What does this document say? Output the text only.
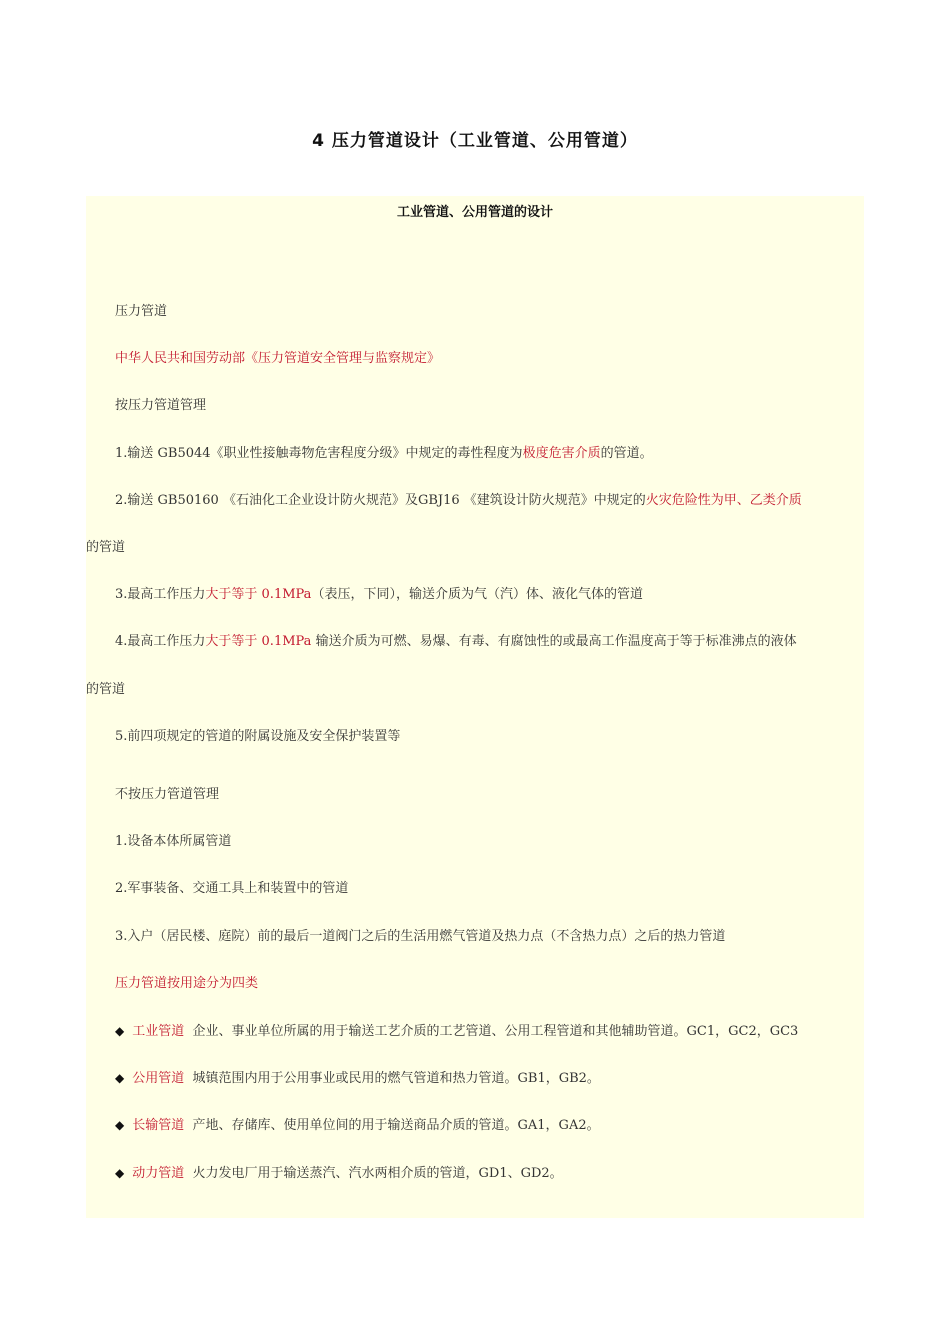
4 压力管道设计（工业管道、公用管道）
工业管道、公用管道的设计
压力管道
中华人民共和国劳动部《压力管道安全管理与监察规定》
按压力管道管理
1.输送 GB5044《职业性接触毒物危害程度分级》中规定的毒性程度为极度危害介质的管道。
2.输送 GB50160 《石油化工企业设计防火规范》及GBJ16 《建筑设计防火规范》中规定的火灾危险性为甲、乙类介质
的管道
3.最高工作压力大于等于 0.1MPa（表压，下同），输送介质为气（汽）体、液化气体的管道
4.最高工作压力大于等于 0.1MPa 输送介质为可燃、易爆、有毒、有腐蚀性的或最高工作温度高于等于标准沸点的液体
的管道
5.前四项规定的管道的附属设施及安全保护装置等
不按压力管道管理
1.设备本体所属管道
2.军事装备、交通工具上和装置中的管道
3.入户（居民楼、庭院）前的最后一道阀门之后的生活用燃气管道及热力点（不含热力点）之后的热力管道
压力管道按用途分为四类
◆ 工业管道 企业、事业单位所属的用于输送工艺介质的工艺管道、公用工程管道和其他辅助管道。GC1，GC2，GC3
◆ 公用管道 城镇范围内用于公用事业或民用的燃气管道和热力管道。GB1，GB2。
◆ 长输管道 产地、存储库、使用单位间的用于输送商品介质的管道。GA1，GA2。
◆ 动力管道 火力发电厂用于输送蒸汽、汽水两相介质的管道，GD1、GD2。
